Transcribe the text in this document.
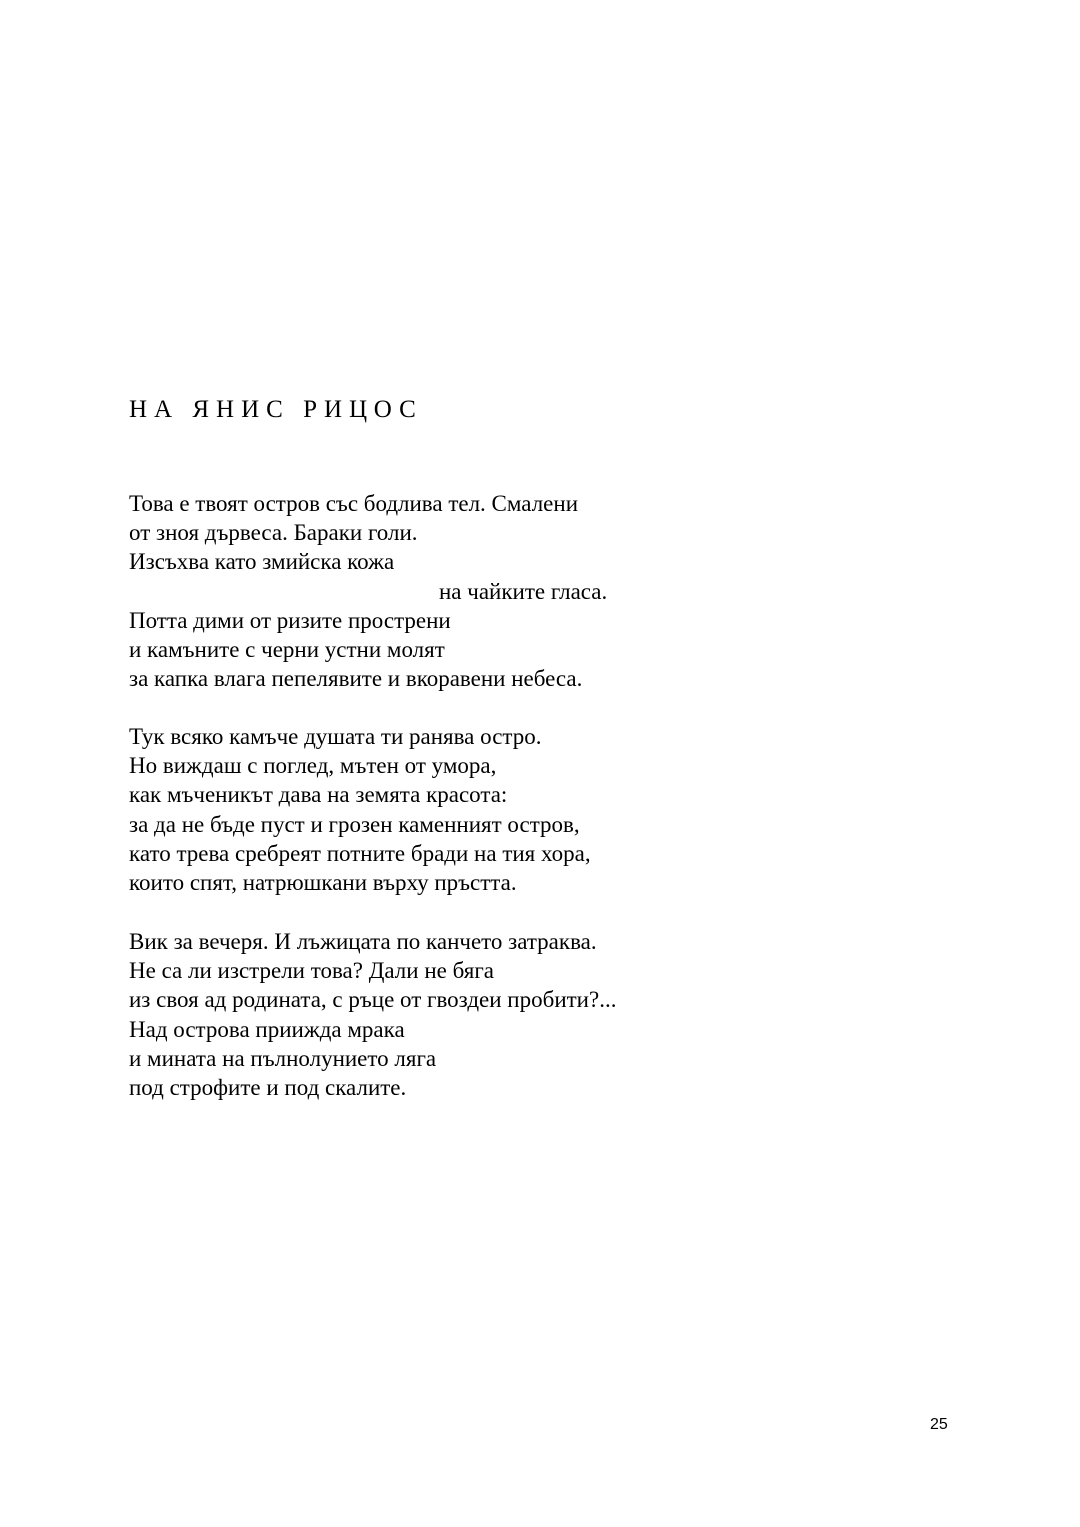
НА ЯНИС РИЦОС
Това е твоят остров със бодлива тел. Смалени
от зноя дървеса. Бараки голи.
Изсъхва като змийска кожа
на чайките гласа.
Потта дими от ризите прострени
и камъните с черни устни молят
за капка влага пепелявите и вкоравени небеса.
Тук всяко камъче душата ти ранява остро.
Но виждаш с поглед, мътен от умора,
как мъченикът дава на земята красота:
за да не бъде пуст и грозен каменният остров,
като трева сребреят потните бради на тия хора,
които спят, натрюшкани върху пръстта.
Вик за вечеря. И лъжицата по канчето затраква.
Не са ли изстрели това? Дали не бяга
из своя ад родината, с ръце от гвоздеи пробити?...
Над острова прииждa мрака
и мината на пълнолунието ляга
под строфите и под скалите.
25
